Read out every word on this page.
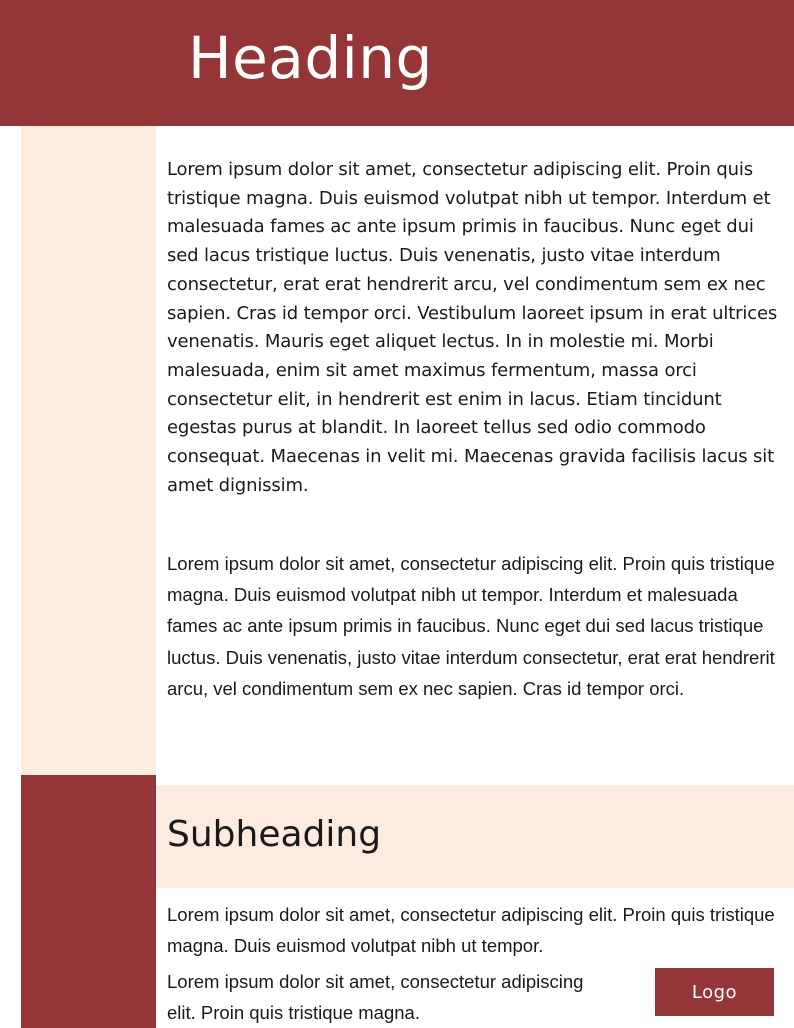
Heading

Lorem ipsum dolor sit amet, consectetur adipiscing elit. Proin quis tristique magna. Duis euismod volutpat nibh ut tempor. Interdum et malesuada fames ac ante ipsum primis in faucibus. Nunc eget dui sed lacus tristique luctus. Duis venenatis, justo vitae interdum consectetur, erat erat hendrerit arcu, vel condimentum sem ex nec sapien. Cras id tempor orci. Vestibulum laoreet ipsum in erat ultrices venenatis. Mauris eget aliquet lectus. In in molestie mi. Morbi malesuada, enim sit amet maximus fermentum, massa orci consectetur elit, in hendrerit est enim in lacus. Etiam tincidunt egestas purus at blandit. In laoreet tellus sed odio commodo consequat. Maecenas in velit mi. Maecenas gravida facilisis lacus sit amet dignissim.

Lorem ipsum dolor sit amet, consectetur adipiscing elit. Proin quis tristique magna. Duis euismod volutpat nibh ut tempor. Interdum et malesuada fames ac ante ipsum primis in faucibus. Nunc eget dui sed lacus tristique luctus. Duis venenatis, justo vitae interdum consectetur, erat erat hendrerit arcu, vel condimentum sem ex nec sapien. Cras id tempor orci.

Subheading

Lorem ipsum dolor sit amet, consectetur adipiscing elit. Proin quis tristique magna. Duis euismod volutpat nibh ut tempor.

Lorem ipsum dolor sit amet, consectetur adipiscing elit. Proin quis tristique magna.

Logo
